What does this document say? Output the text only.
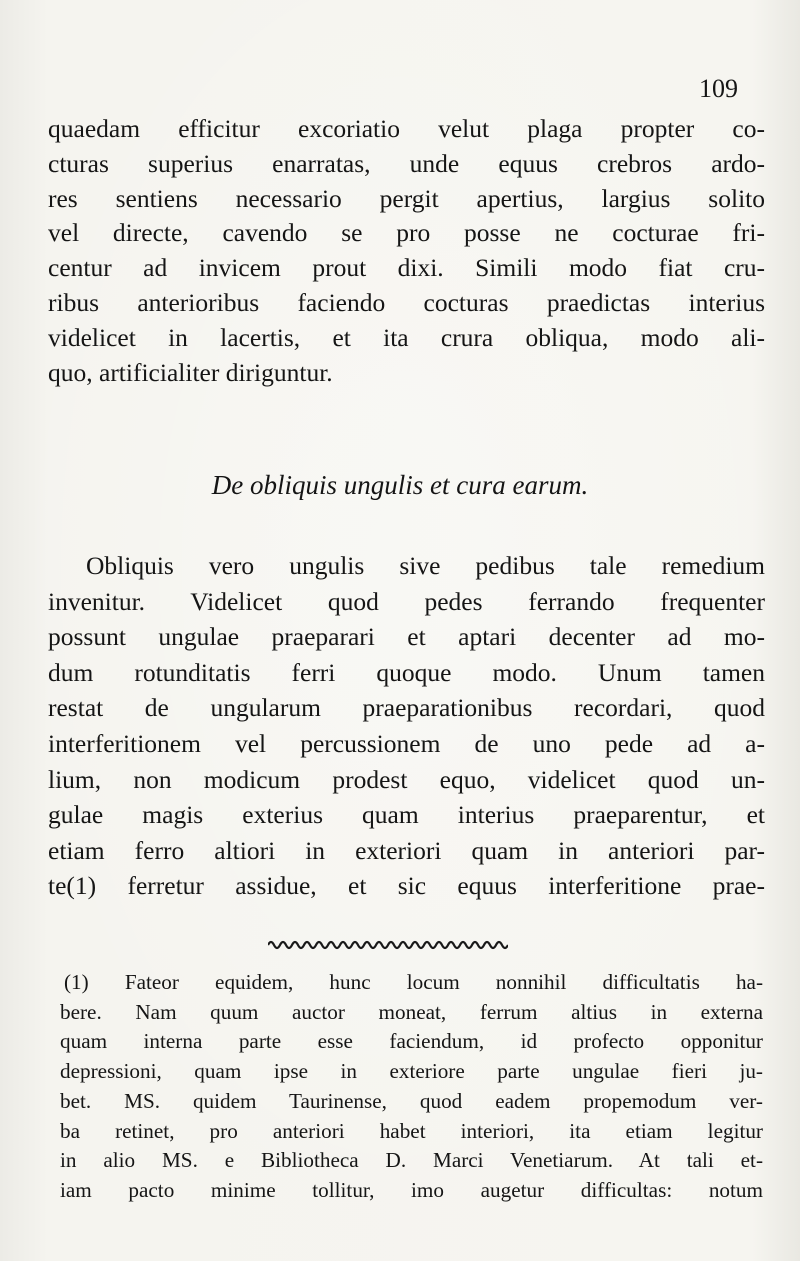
109
quaedam efficitur excoriatio velut plaga propter co-
cturas superius enarratas, unde equus crebros ardo-
res sentiens necessario pergit apertius, largius solito
vel directe, cavendo se pro posse ne cocturae fri-
centur ad invicem prout dixi. Simili modo fiat cru-
ribus anterioribus faciendo cocturas praedictas interius
videlicet in lacertis, et ita crura obliqua, modo ali-
quo, artificialiter diriguntur.
De obliquis ungulis et cura earum.
Obliquis vero ungulis sive pedibus tale remedium
invenitur. Videlicet quod pedes ferrando frequenter
possunt ungulae praeparari et aptari decenter ad mo-
dum rotunditatis ferri quoque modo. Unum tamen
restat de ungularum praeparationibus recordari, quod
interferitionem vel percussionem de uno pede ad a-
lium, non modicum prodest equo, videlicet quod un-
gulae magis exterius quam interius praeparentur, et
etiam ferro altiori in exteriori quam in anteriori par-
te(1) ferretur assidue, et sic equus interferitione prae-
(1) Fateor equidem, hunc locum nonnihil difficultatis ha-
bere. Nam quum auctor moneat, ferrum altius in externa
quam interna parte esse faciendum, id profecto opponitur
depressioni, quam ipse in exteriore parte ungulae fieri ju-
bet. MS. quidem Taurinense, quod eadem propemodum ver-
ba retinet, pro anteriori habet interiori, ita etiam legitur
in alio MS. e Bibliotheca D. Marci Venetiarum. At tali et-
iam pacto minime tollitur, imo augetur difficultas: notum
